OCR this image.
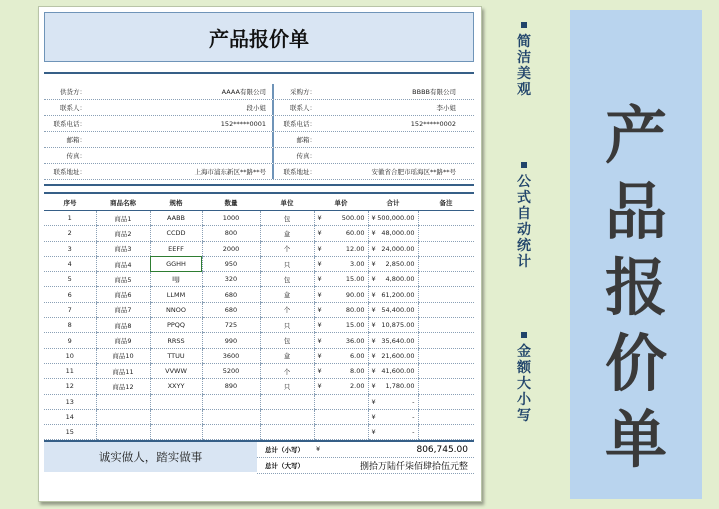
产品报价单
供货方：	AAAA有限公司	采购方：	BBBB有限公司
联系人：	段小姐	联系人：	李小姐
联系电话：	152*****0001	联系电话：	152*****0002
邮箱：	邮箱：
传真：	传真：
联系地址：	上海市浦东新区**路**号	联系地址：	安徽省合肥市瑶海区**路**号
序号	商品名称	规格	数量	单位	单价	合计	备注
1	商品1	AABB	1000	包	¥ 500.00	¥ 500,000.00	

2	商品2	CCDD	800	盒	¥ 60.00	¥ 48,000.00	

3	商品3	EEFF	2000	个	¥ 12.00	¥ 24,000.00	

4	商品4	GGHH	950	只	¥ 3.00	¥ 2,850.00	

5	商品5	IIJJ	320	包	¥ 15.00	¥ 4,800.00	

6	商品6	LLMM	680	盒	¥ 90.00	¥ 61,200.00	

7	商品7	NNOO	680	个	¥ 80.00	¥ 54,400.00	

8	商品8	PPQQ	725	只	¥ 15.00	¥ 10,875.00	

9	商品9	RRSS	990	包	¥ 36.00	¥ 35,640.00	

10	商品10	TTUU	3600	盒	¥ 6.00	¥ 21,600.00	

11	商品11	VVWW	5200	个	¥ 8.00	¥ 41,600.00	

12	商品12	XXYY	890	只	¥ 2.00	¥ 1,780.00	

13						¥ -	

14						¥ -	

15						¥ -	

诚实做人，踏实做事	总计（小写）	¥	806,745.00
总计（大写）	捌拾万陆仟柒佰肆拾伍元整
简
洁
美
观
公
式
自
动
统
计
金
额
大
小
写
产
品
报
价
单
